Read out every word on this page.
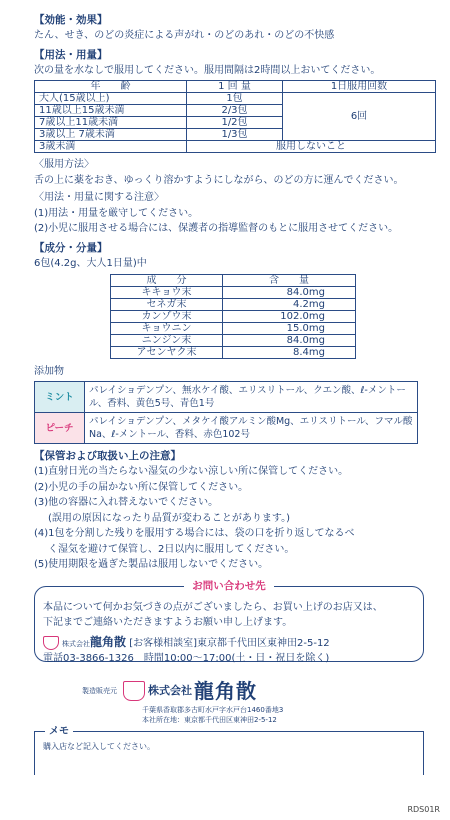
【効能・効果】
たん、せき、のどの炎症による声がれ・のどのあれ・のどの不快感
【用法・用量】
次の量を水なしで服用してください。服用間隔は2時間以上おいてください。
年　　齢	1 回 量	1日服用回数
大人(15歳以上)	1包	6回
11歳以上15歳未満	2/3包	
7歳以上11歳未満	1/2包	
3歳以上 7歳未満	1/3包	
3歳未満	服用しないこと	
〈服用方法〉
舌の上に薬をおき、ゆっくり溶かすようにしながら、のどの方に運んでください。
〈用法・用量に関する注意〉
(1)用法・用量を厳守してください。
(2)小児に服用させる場合には、保護者の指導監督のもとに服用させてください。
【成分・分量】
6包(4.2g、大人1日量)中
成　　分	含　　量
キキョウ末	84.0mg
セネガ末	4.2mg
カンゾウ末	102.0mg
キョウニン	15.0mg
ニンジン末	84.0mg
アセンヤク末	8.4mg
添加物
ミント	パレイショデンプン、無水ケイ酸、エリスリトール、クエン酸、ℓ-メントール、香料、黄色5号、青色1号
ピーチ	パレイショデンプン、メタケイ酸アルミン酸Mg、エリスリトール、フマル酸Na、ℓ-メントール、香料、赤色102号
【保管および取扱い上の注意】
(1)直射日光の当たらない湿気の少ない涼しい所に保管してください。
(2)小児の手の届かない所に保管してください。
(3)他の容器に入れ替えないでください。
(誤用の原因になったり品質が変わることがあります。)
(4)1包を分割した残りを服用する場合には、袋の口を折り返してなるべ
く湿気を避けて保管し、2日以内に服用してください。
(5)使用期限を過ぎた製品は服用しないでください。
お問い合わせ先
本品について何かお気づきの点がございましたら、お買い上げのお店又は、
下記までご連絡いただきますようお願い申し上げます。
株式会社龍角散 [お客様相談室]東京都千代田区東神田2-5-12
電話03-3866-1326　時間10:00〜17:00(土・日・祝日を除く)
製造販売元	株式会社 龍角散
千葉県香取郡多古町水戸字水戸台1460番地3
本社所在地：東京都千代田区東神田2-5-12
メモ
購入店など記入してください。
RDS01R
